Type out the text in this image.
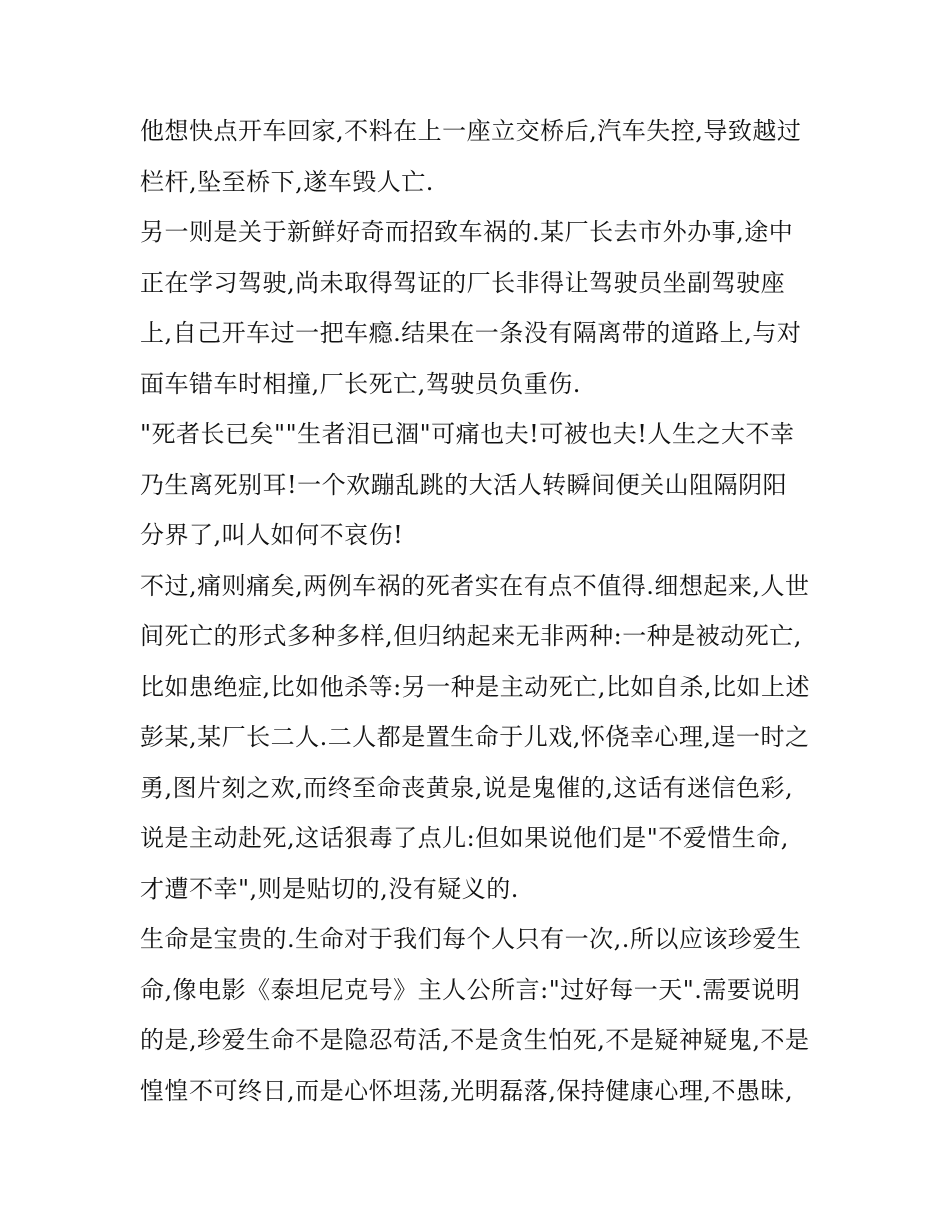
他想快点开车回家,不料在上一座立交桥后,汽车失控,导致越过
栏杆,坠至桥下,遂车毁人亡.
另一则是关于新鲜好奇而招致车祸的.某厂长去市外办事,途中
正在学习驾驶,尚未取得驾证的厂长非得让驾驶员坐副驾驶座
上,自己开车过一把车瘾.结果在一条没有隔离带的道路上,与对
面车错车时相撞,厂长死亡,驾驶员负重伤.
"死者长已矣""生者泪已涸"可痛也夫!可被也夫!人生之大不幸
乃生离死别耳!一个欢蹦乱跳的大活人转瞬间便关山阻隔阴阳
分界了,叫人如何不哀伤!
不过,痛则痛矣,两例车祸的死者实在有点不值得.细想起来,人世
间死亡的形式多种多样,但归纳起来无非两种:一种是被动死亡,
比如患绝症,比如他杀等:另一种是主动死亡,比如自杀,比如上述
彭某,某厂长二人.二人都是置生命于儿戏,怀侥幸心理,逞一时之
勇,图片刻之欢,而终至命丧黄泉,说是鬼催的,这话有迷信色彩,
说是主动赴死,这话狠毒了点儿:但如果说他们是"不爱惜生命,
才遭不幸",则是贴切的,没有疑义的.
生命是宝贵的.生命对于我们每个人只有一次,.所以应该珍爱生
命,像电影《泰坦尼克号》主人公所言:"过好每一天".需要说明
的是,珍爱生命不是隐忍苟活,不是贪生怕死,不是疑神疑鬼,不是
惶惶不可终日,而是心怀坦荡,光明磊落,保持健康心理,不愚昧,
